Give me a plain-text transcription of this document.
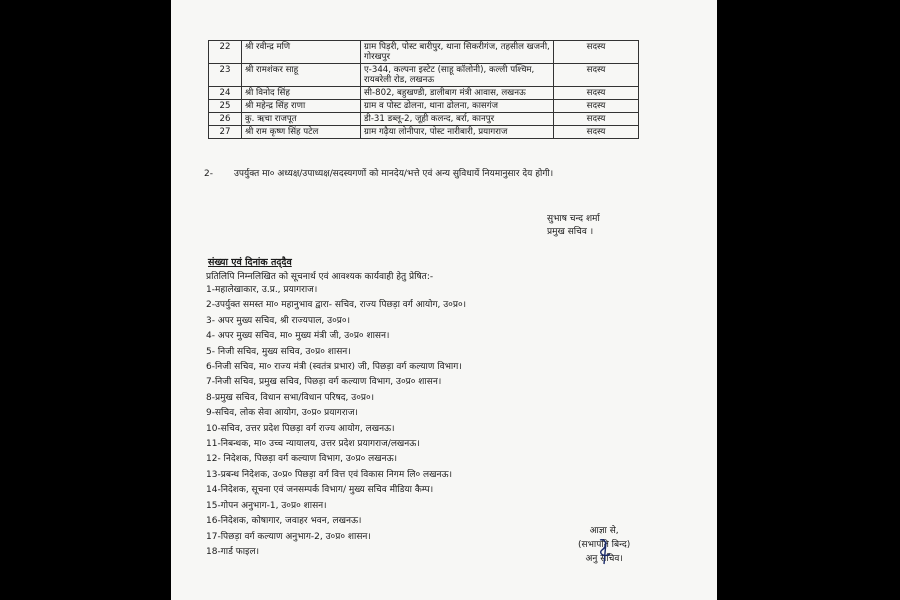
22	श्री रवीन्द्र मणि	ग्राम पिड़री, पोस्ट बारीपुर, थाना सिकरीगंज, तहसील खजनी, गोरखपुर	सदस्य
23	श्री रामशंकर साहू	ए-344, कल्पना इस्टेट (साहू कॉलोनी), कल्ली पश्चिम, रायबरेली रोड, लखनऊ	सदस्य
24	श्री विनोद सिंह	सी-802, बहुखण्डी, डालीबाग मंत्री आवास, लखनऊ	सदस्य
25	श्री महेन्द्र सिंह राणा	ग्राम व पोस्ट ढोलना, थाना ढोलना, कासगंज	सदस्य
26	कु. ऋचा राजपूत	डी-31 डब्लू-2, जूही कलन्द, बर्रा, कानपुर	सदस्य
27	श्री राम कृष्ण सिंह पटेल	ग्राम गढ़ैया लोनीपार, पोस्ट नारीबारी, प्रयागराज	सदस्य
2- उपर्युक्त मा० अध्यक्ष/उपाध्यक्ष/सदस्यगणों को मानदेय/भत्ते एवं अन्य सुविधायें नियमानुसार देय होगी।
सुभाष चन्द शर्मा
प्रमुख सचिव ।
संख्या एवं दिनांक तद्‌दैव
प्रतिलिपि निम्नलिखित को सूचनार्थ एवं आवश्यक कार्यवाही हेतु प्रेषित:-
1-महालेखाकार, उ.प्र., प्रयागराज।
2-उपर्युक्त समस्त मा० महानुभाव द्वारा- सचिव, राज्य पिछड़ा वर्ग आयोग, उ०प्र०।
3- अपर मुख्य सचिव, श्री राज्यपाल, उ०प्र०।
4- अपर मुख्य सचिव, मा० मुख्य मंत्री जी, उ०प्र० शासन।
5- निजी सचिव, मुख्य सचिव, उ०प्र० शासन।
6-निजी सचिव, मा० राज्य मंत्री (स्वतंत्र प्रभार) जी, पिछड़ा वर्ग कल्याण विभाग।
7-निजी सचिव, प्रमुख सचिव, पिछड़ा वर्ग कल्याण विभाग, उ०प्र० शासन।
8-प्रमुख सचिव, विधान सभा/विधान परिषद, उ०प्र०।
9-सचिव, लोक सेवा आयोग, उ०प्र० प्रयागराज।
10-सचिव, उत्तर प्रदेश पिछड़ा वर्ग राज्य आयोग, लखनऊ।
11-निबन्धक, मा० उच्च न्यायालय, उत्तर प्रदेश प्रयागराज/लखनऊ।
12- निदेशक, पिछड़ा वर्ग कल्याण विभाग, उ०प्र० लखनऊ।
13-प्रबन्ध निदेशक, उ०प्र० पिछड़ा वर्ग वित्त एवं विकास निगम लि० लखनऊ।
14-निदेशक, सूचना एवं जनसम्पर्क विभाग/ मुख्य सचिव मीडिया कैम्प।
15-गोपन अनुभाग-1, उ०प्र० शासन।
16-निदेशक, कोषागार, जवाहर भवन, लखनऊ।
17-पिछड़ा वर्ग कल्याण अनुभाग-2, उ०प्र० शासन।
18-गार्ड फाइल।
आज्ञा से,
(सभापति बिन्द)
अनु सचिव।
